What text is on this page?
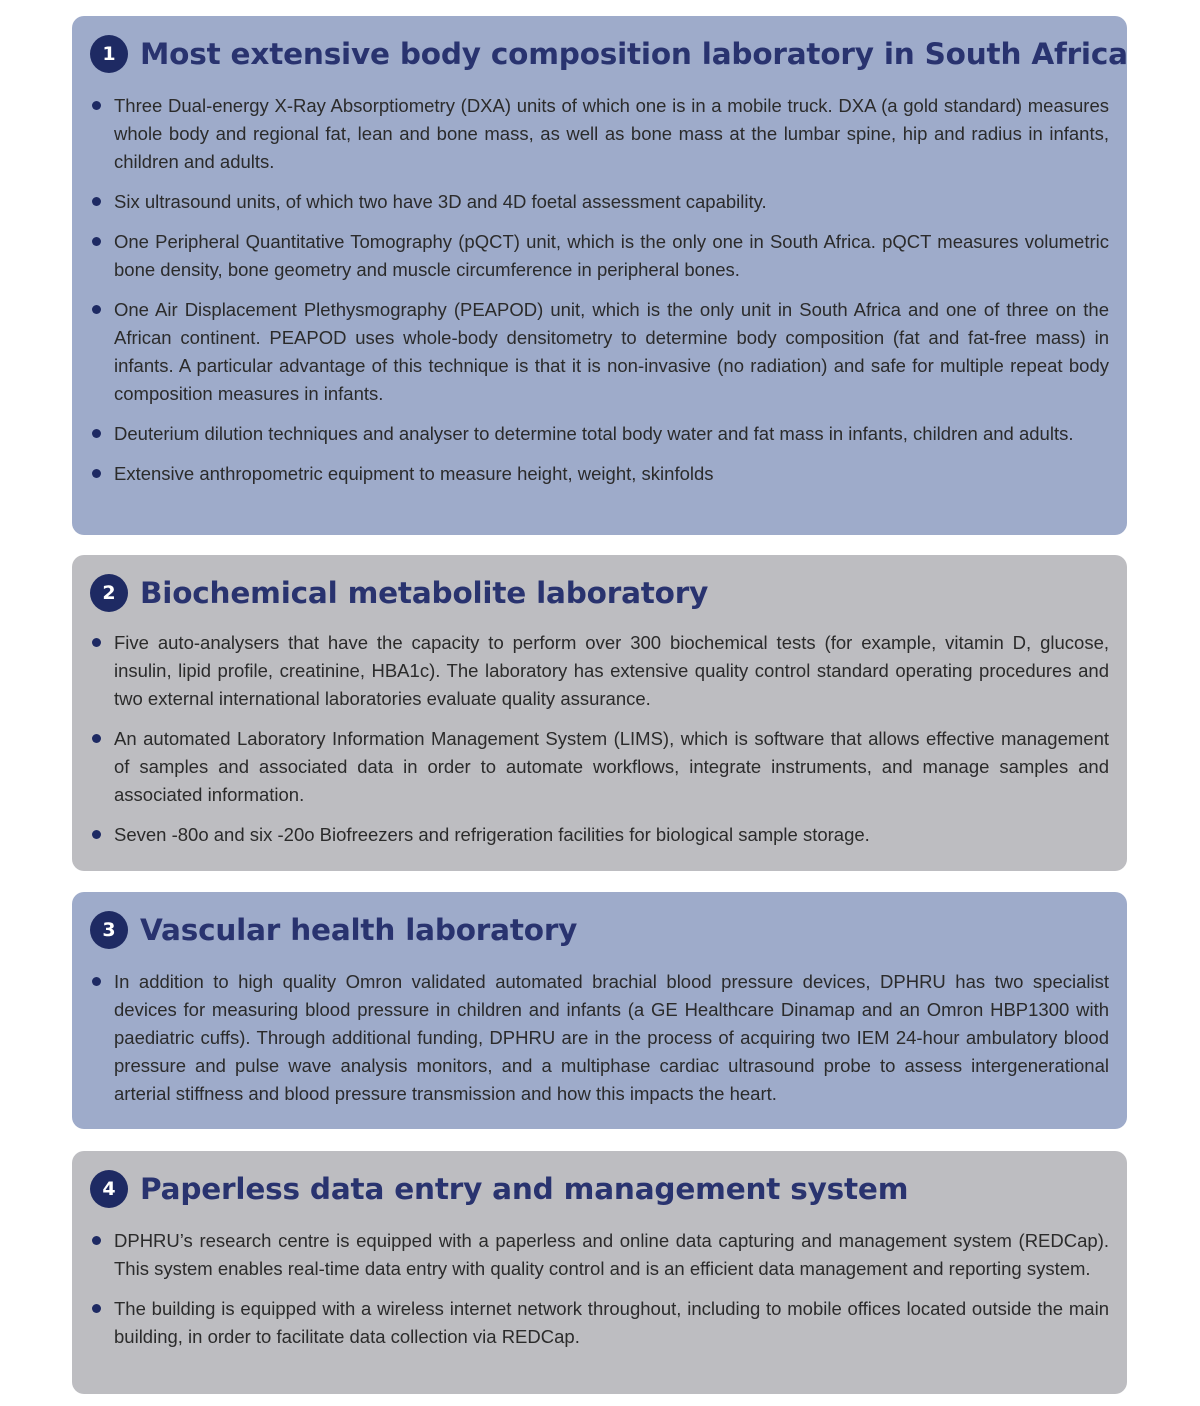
1 Most extensive body composition laboratory in South Africa
Three Dual-energy X-Ray Absorptiometry (DXA) units of which one is in a mobile truck. DXA (a gold standard) measures whole body and regional fat, lean and bone mass, as well as bone mass at the lumbar spine, hip and radius in infants, children and adults.
Six ultrasound units, of which two have 3D and 4D foetal assessment capability.
One Peripheral Quantitative Tomography (pQCT) unit, which is the only one in South Africa. pQCT measures volumetric bone density, bone geometry and muscle circumference in peripheral bones.
One Air Displacement Plethysmography (PEAPOD) unit, which is the only unit in South Africa and one of three on the African continent. PEAPOD uses whole-body densitometry to determine body composition (fat and fat-free mass) in infants. A particular advantage of this technique is that it is non-invasive (no radiation) and safe for multiple repeat body composition measures in infants.
Deuterium dilution techniques and analyser to determine total body water and fat mass in infants, children and adults.
Extensive anthropometric equipment to measure height, weight, skinfolds
2 Biochemical metabolite laboratory
Five auto-analysers that have the capacity to perform over 300 biochemical tests (for example, vitamin D, glucose, insulin, lipid profile, creatinine, HBA1c). The laboratory has extensive quality control standard operating procedures and two external international laboratories evaluate quality assurance.
An automated Laboratory Information Management System (LIMS), which is software that allows effective management of samples and associated data in order to automate workflows, integrate instruments, and manage samples and associated information.
Seven -80o and six -20o Biofreezers and refrigeration facilities for biological sample storage.
3 Vascular health laboratory
In addition to high quality Omron validated automated brachial blood pressure devices, DPHRU has two specialist devices for measuring blood pressure in children and infants (a GE Healthcare Dinamap and an Omron HBP1300 with paediatric cuffs). Through additional funding, DPHRU are in the process of acquiring two IEM 24-hour ambulatory blood pressure and pulse wave analysis monitors, and a multiphase cardiac ultrasound probe to assess intergenerational arterial stiffness and blood pressure transmission and how this impacts the heart.
4 Paperless data entry and management system
DPHRU’s research centre is equipped with a paperless and online data capturing and management system (REDCap). This system enables real-time data entry with quality control and is an efficient data management and reporting system.
The building is equipped with a wireless internet network throughout, including to mobile offices located outside the main building, in order to facilitate data collection via REDCap.
